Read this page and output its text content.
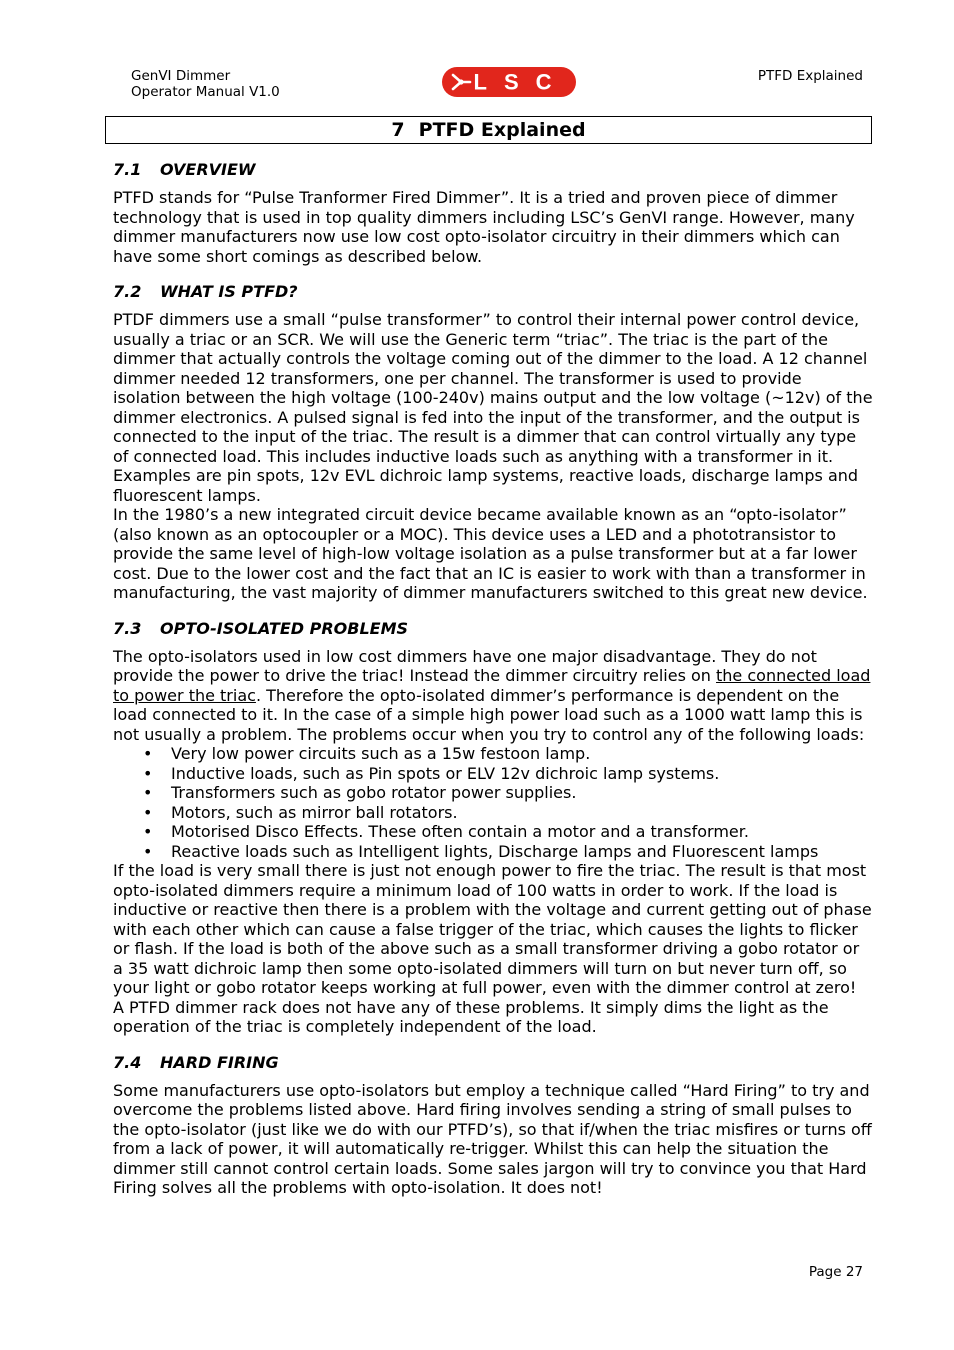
GenVI Dimmer
Operator Manual V1.0	LSC	PTFD Explained
7 PTFD Explained
7.1 OVERVIEW

PTFD stands for “Pulse Tranformer Fired Dimmer”. It is a tried and proven piece of dimmer technology that is used in top quality dimmers including LSC’s GenVI range. However, many dimmer manufacturers now use low cost opto-isolator circuitry in their dimmers which can have some short comings as described below.

7.2 WHAT IS PTFD?

PTDF dimmers use a small “pulse transformer” to control their internal power control device, usually a triac or an SCR. We will use the Generic term “triac”. The triac is the part of the dimmer that actually controls the voltage coming out of the dimmer to the load. A 12 channel dimmer needed 12 transformers, one per channel. The transformer is used to provide isolation between the high voltage (100-240v) mains output and the low voltage (~12v) of the dimmer electronics. A pulsed signal is fed into the input of the transformer, and the output is connected to the input of the triac. The result is a dimmer that can control virtually any type of connected load. This includes inductive loads such as anything with a transformer in it. Examples are pin spots, 12v EVL dichroic lamp systems, reactive loads, discharge lamps and fluorescent lamps.

In the 1980’s a new integrated circuit device became available known as an “opto-isolator” (also known as an optocoupler or a MOC). This device uses a LED and a phototransistor to provide the same level of high-low voltage isolation as a pulse transformer but at a far lower cost. Due to the lower cost and the fact that an IC is easier to work with than a transformer in manufacturing, the vast majority of dimmer manufacturers switched to this great new device.

7.3 OPTO-ISOLATED PROBLEMS

The opto-isolators used in low cost dimmers have one major disadvantage. They do not provide the power to drive the triac! Instead the dimmer circuitry relies on the connected load to power the triac. Therefore the opto-isolated dimmer’s performance is dependent on the load connected to it. In the case of a simple high power load such as a 1000 watt lamp this is not usually a problem. The problems occur when you try to control any of the following loads:

• Very low power circuits such as a 15w festoon lamp.
• Inductive loads, such as Pin spots or ELV 12v dichroic lamp systems.
• Transformers such as gobo rotator power supplies.
• Motors, such as mirror ball rotators.
• Motorised Disco Effects. These often contain a motor and a transformer.
• Reactive loads such as Intelligent lights, Discharge lamps and Fluorescent lamps

If the load is very small there is just not enough power to fire the triac. The result is that most opto-isolated dimmers require a minimum load of 100 watts in order to work. If the load is inductive or reactive then there is a problem with the voltage and current getting out of phase with each other which can cause a false trigger of the triac, which causes the lights to flicker or flash. If the load is both of the above such as a small transformer driving a gobo rotator or a 35 watt dichroic lamp then some opto-isolated dimmers will turn on but never turn off, so your light or gobo rotator keeps working at full power, even with the dimmer control at zero!

A PTFD dimmer rack does not have any of these problems. It simply dims the light as the operation of the triac is completely independent of the load.

7.4 HARD FIRING

Some manufacturers use opto-isolators but employ a technique called “Hard Firing” to try and overcome the problems listed above. Hard firing involves sending a string of small pulses to the opto-isolator (just like we do with our PTFD’s), so that if/when the triac misfires or turns off from a lack of power, it will automatically re-trigger. Whilst this can help the situation the dimmer still cannot control certain loads. Some sales jargon will try to convince you that Hard Firing solves all the problems with opto-isolation. It does not!

Page 27
